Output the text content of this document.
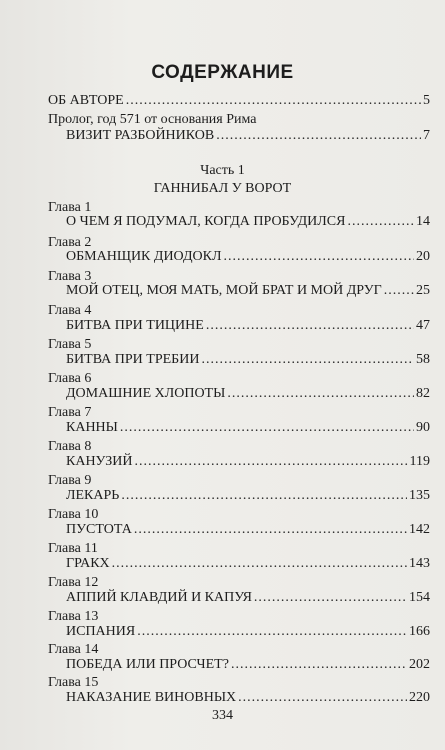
СОДЕРЖАНИЕ
ОБ АВТОРЕ .....	5
Пролог, год 571 от основания Рима
ВИЗИТ РАЗБОЙНИКОВ .....	7
Часть 1
ГАННИБАЛ У ВОРОТ
Глава 1
О ЧЕМ Я ПОДУМАЛ, КОГДА ПРОБУДИЛСЯ .....	14
Глава 2
ОБМАНЩИК ДИОДОКЛ .....	20
Глава 3
МОЙ ОТЕЦ, МОЯ МАТЬ, МОЙ БРАТ И МОЙ ДРУГ ..... 25
Глава 4
БИТВА ПРИ ТИЦИНЕ .....	47
Глава 5
БИТВА ПРИ ТРЕБИИ .....	58
Глава 6
ДОМАШНИЕ ХЛОПОТЫ .....	82
Глава 7
КАННЫ .....	90
Глава 8
КАНУЗИЙ .....	119
Глава 9
ЛЕКАРЬ .....	135
Глава 10
ПУСТОТА .....	142
Глава 11
ГРАКХ .....	143
Глава 12
АППИЙ КЛАВДИЙ И КАПУЯ .....	154
Глава 13
ИСПАНИЯ .....	166
Глава 14
ПОБЕДА ИЛИ ПРОСЧЕТ? .....	202
Глава 15
НАКАЗАНИЕ ВИНОВНЫХ .....	220
334
